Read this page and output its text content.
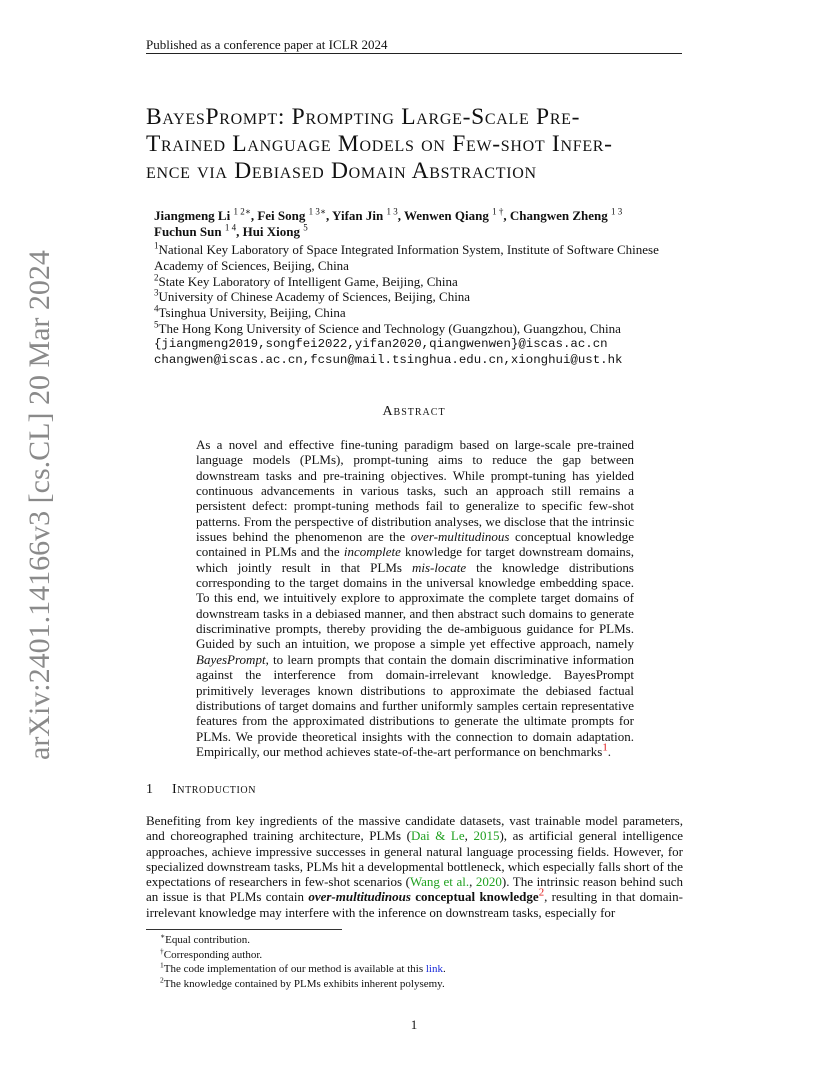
Published as a conference paper at ICLR 2024
arXiv:2401.14166v3 [cs.CL] 20 Mar 2024
BayesPrompt: Prompting Large-Scale Pre-
Trained Language Models on Few-shot Infer-
ence via Debiased Domain Abstraction
Jiangmeng Li $^{1 2∗}$, Fei Song $^{1 3∗}$, Yifan Jin $^{1 3}$, Wenwen Qiang $^{1 \dagger}$, Changwen Zheng $^{1 3}$
Fuchun Sun $^{1 4}$, Hui Xiong $^5$
$^1$National Key Laboratory of Space Integrated Information System, Institute of Software Chinese
Academy of Sciences, Beijing, China
$^2$State Key Laboratory of Intelligent Game, Beijing, China
$^3$University of Chinese Academy of Sciences, Beijing, China
$^4$Tsinghua University, Beijing, China
$^5$The Hong Kong University of Science and Technology (Guangzhou), Guangzhou, China
{jiangmeng2019,songfei2022,yifan2020,qiangwenwen}@iscas.ac.cn
changwen@iscas.ac.cn,fcsun@mail.tsinghua.edu.cn,xionghui@ust.hk
Abstract
As a novel and effective fine-tuning paradigm based on large-scale pre-trained language models (PLMs), prompt-tuning aims to reduce the gap between downstream tasks and pre-training objectives. While prompt-tuning has yielded continuous advancements in various tasks, such an approach still remains a persistent defect: prompt-tuning methods fail to generalize to specific few-shot patterns. From the perspective of distribution analyses, we disclose that the intrinsic issues behind the phenomenon are the over-multitudinous conceptual knowledge contained in PLMs and the incomplete knowledge for target downstream domains, which jointly result in that PLMs mis-locate the knowledge distributions corresponding to the target domains in the universal knowledge embedding space. To this end, we intuitively explore to approximate the complete target domains of downstream tasks in a debiased manner, and then abstract such domains to generate discriminative prompts, thereby providing the de-ambiguous guidance for PLMs. Guided by such an intuition, we propose a simple yet effective approach, namely BayesPrompt, to learn prompts that contain the domain discriminative information against the interference from domain-irrelevant knowledge. BayesPrompt primitively leverages known distributions to approximate the debiased factual distributions of target domains and further uniformly samples certain representative features from the approximated distributions to generate the ultimate prompts for PLMs. We provide theoretical insights with the connection to domain adaptation. Empirically, our method achieves state-of-the-art performance on benchmarks$^1$.
1 Introduction
Benefiting from key ingredients of the massive candidate datasets, vast trainable model parameters, and choreographed training architecture, PLMs (Dai & Le, 2015), as artificial general intelligence approaches, achieve impressive successes in general natural language processing fields. However, for specialized downstream tasks, PLMs hit a developmental bottleneck, which especially falls short of the expectations of researchers in few-shot scenarios (Wang et al., 2020). The intrinsic reason behind such an issue is that PLMs contain over-multitudinous conceptual knowledge$^2$, resulting in that domain-irrelevant knowledge may interfere with the inference on downstream tasks, especially for
∗Equal contribution.
†Corresponding author.
$^1$The code implementation of our method is available at this link.
$^2$The knowledge contained by PLMs exhibits inherent polysemy.
1
